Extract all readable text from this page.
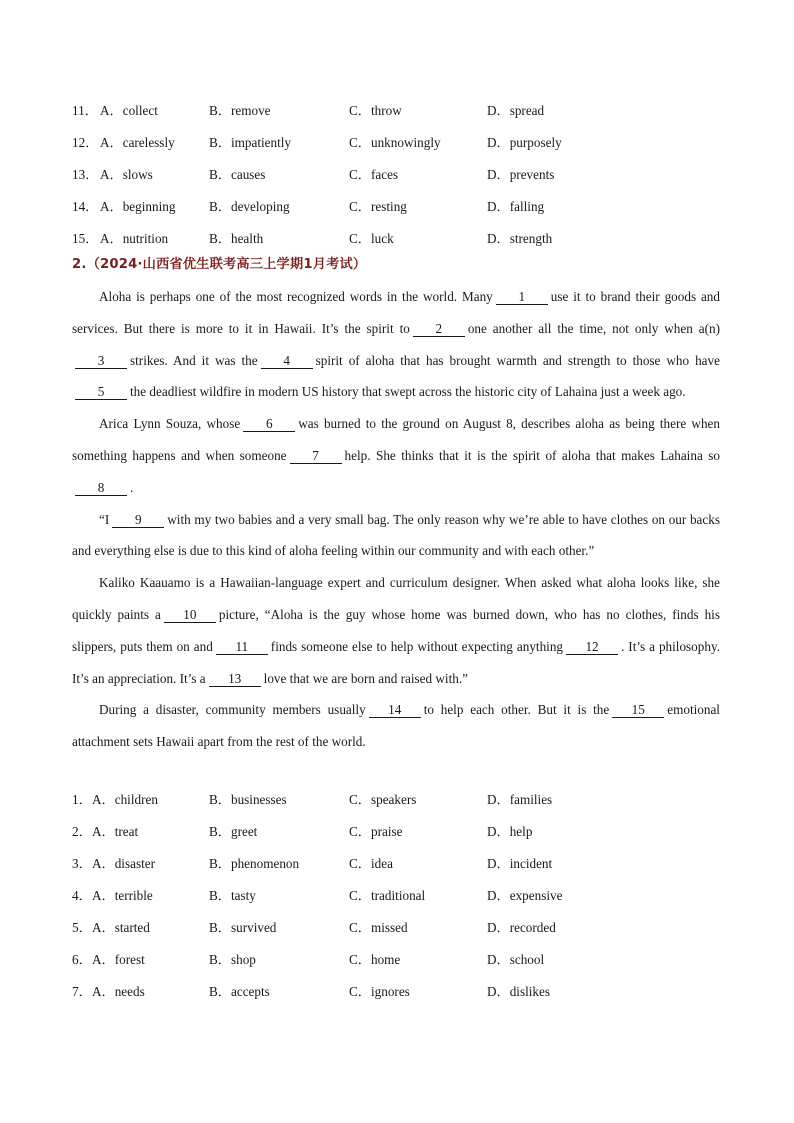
11． A．collect	B．remove	C．throw	D．spread
12． A．carelessly	B．impatiently	C．unknowingly	D．purposely
13． A．slows	B．causes	C．faces	D．prevents
14． A．beginning	B．developing	C．resting	D．falling
15． A．nutrition	B．health	C．luck	D．strength
2.（2024·山西省优生联考高三上学期1月考试）

Aloha is perhaps one of the most recognized words in the world. Many 1 use it to brand their goods and services. But there is more to it in Hawaii. It’s the spirit to 2 one another all the time, not only when a(n)3 strikes. And it was the 4 spirit of aloha that has brought warmth and strength to those who have5 the deadliest wildfire in modern US history that swept across the historic city of Lahaina just a week ago.

Arica Lynn Souza, whose 6 was burned to the ground on August 8, describes aloha as being there when something happens and when someone 7 help. She thinks that it is the spirit of aloha that makes Lahaina so8 .

“I 9 with my two babies and a very small bag. The only reason why we’re able to have clothes on our backs and everything else is due to this kind of aloha feeling within our community and with each other.”

Kaliko Kaauamo is a Hawaiian-language expert and curriculum designer. When asked what aloha looks like, she quickly paints a 10 picture, “Aloha is the guy whose home was burned down, who has no clothes, finds his slippers, puts them on and 11 finds someone else to help without expecting anything 12 . It’s a philosophy. It’s an appreciation. It’s a 13 love that we are born and raised with.”

During a disaster, community members usually 14 to help each other. But it is the 15 emotional attachment sets Hawaii apart from the rest of the world.

1． A．children	B．businesses	C．speakers	D．families
2． A．treat	B．greet	C．praise	D．help
3． A．disaster	B．phenomenon	C．idea	D．incident
4． A．terrible	B．tasty	C．traditional	D．expensive
5． A．started	B．survived	C．missed	D．recorded
6． A．forest	B．shop	C．home	D．school
7． A．needs	B．accepts	C．ignores	D．dislikes
